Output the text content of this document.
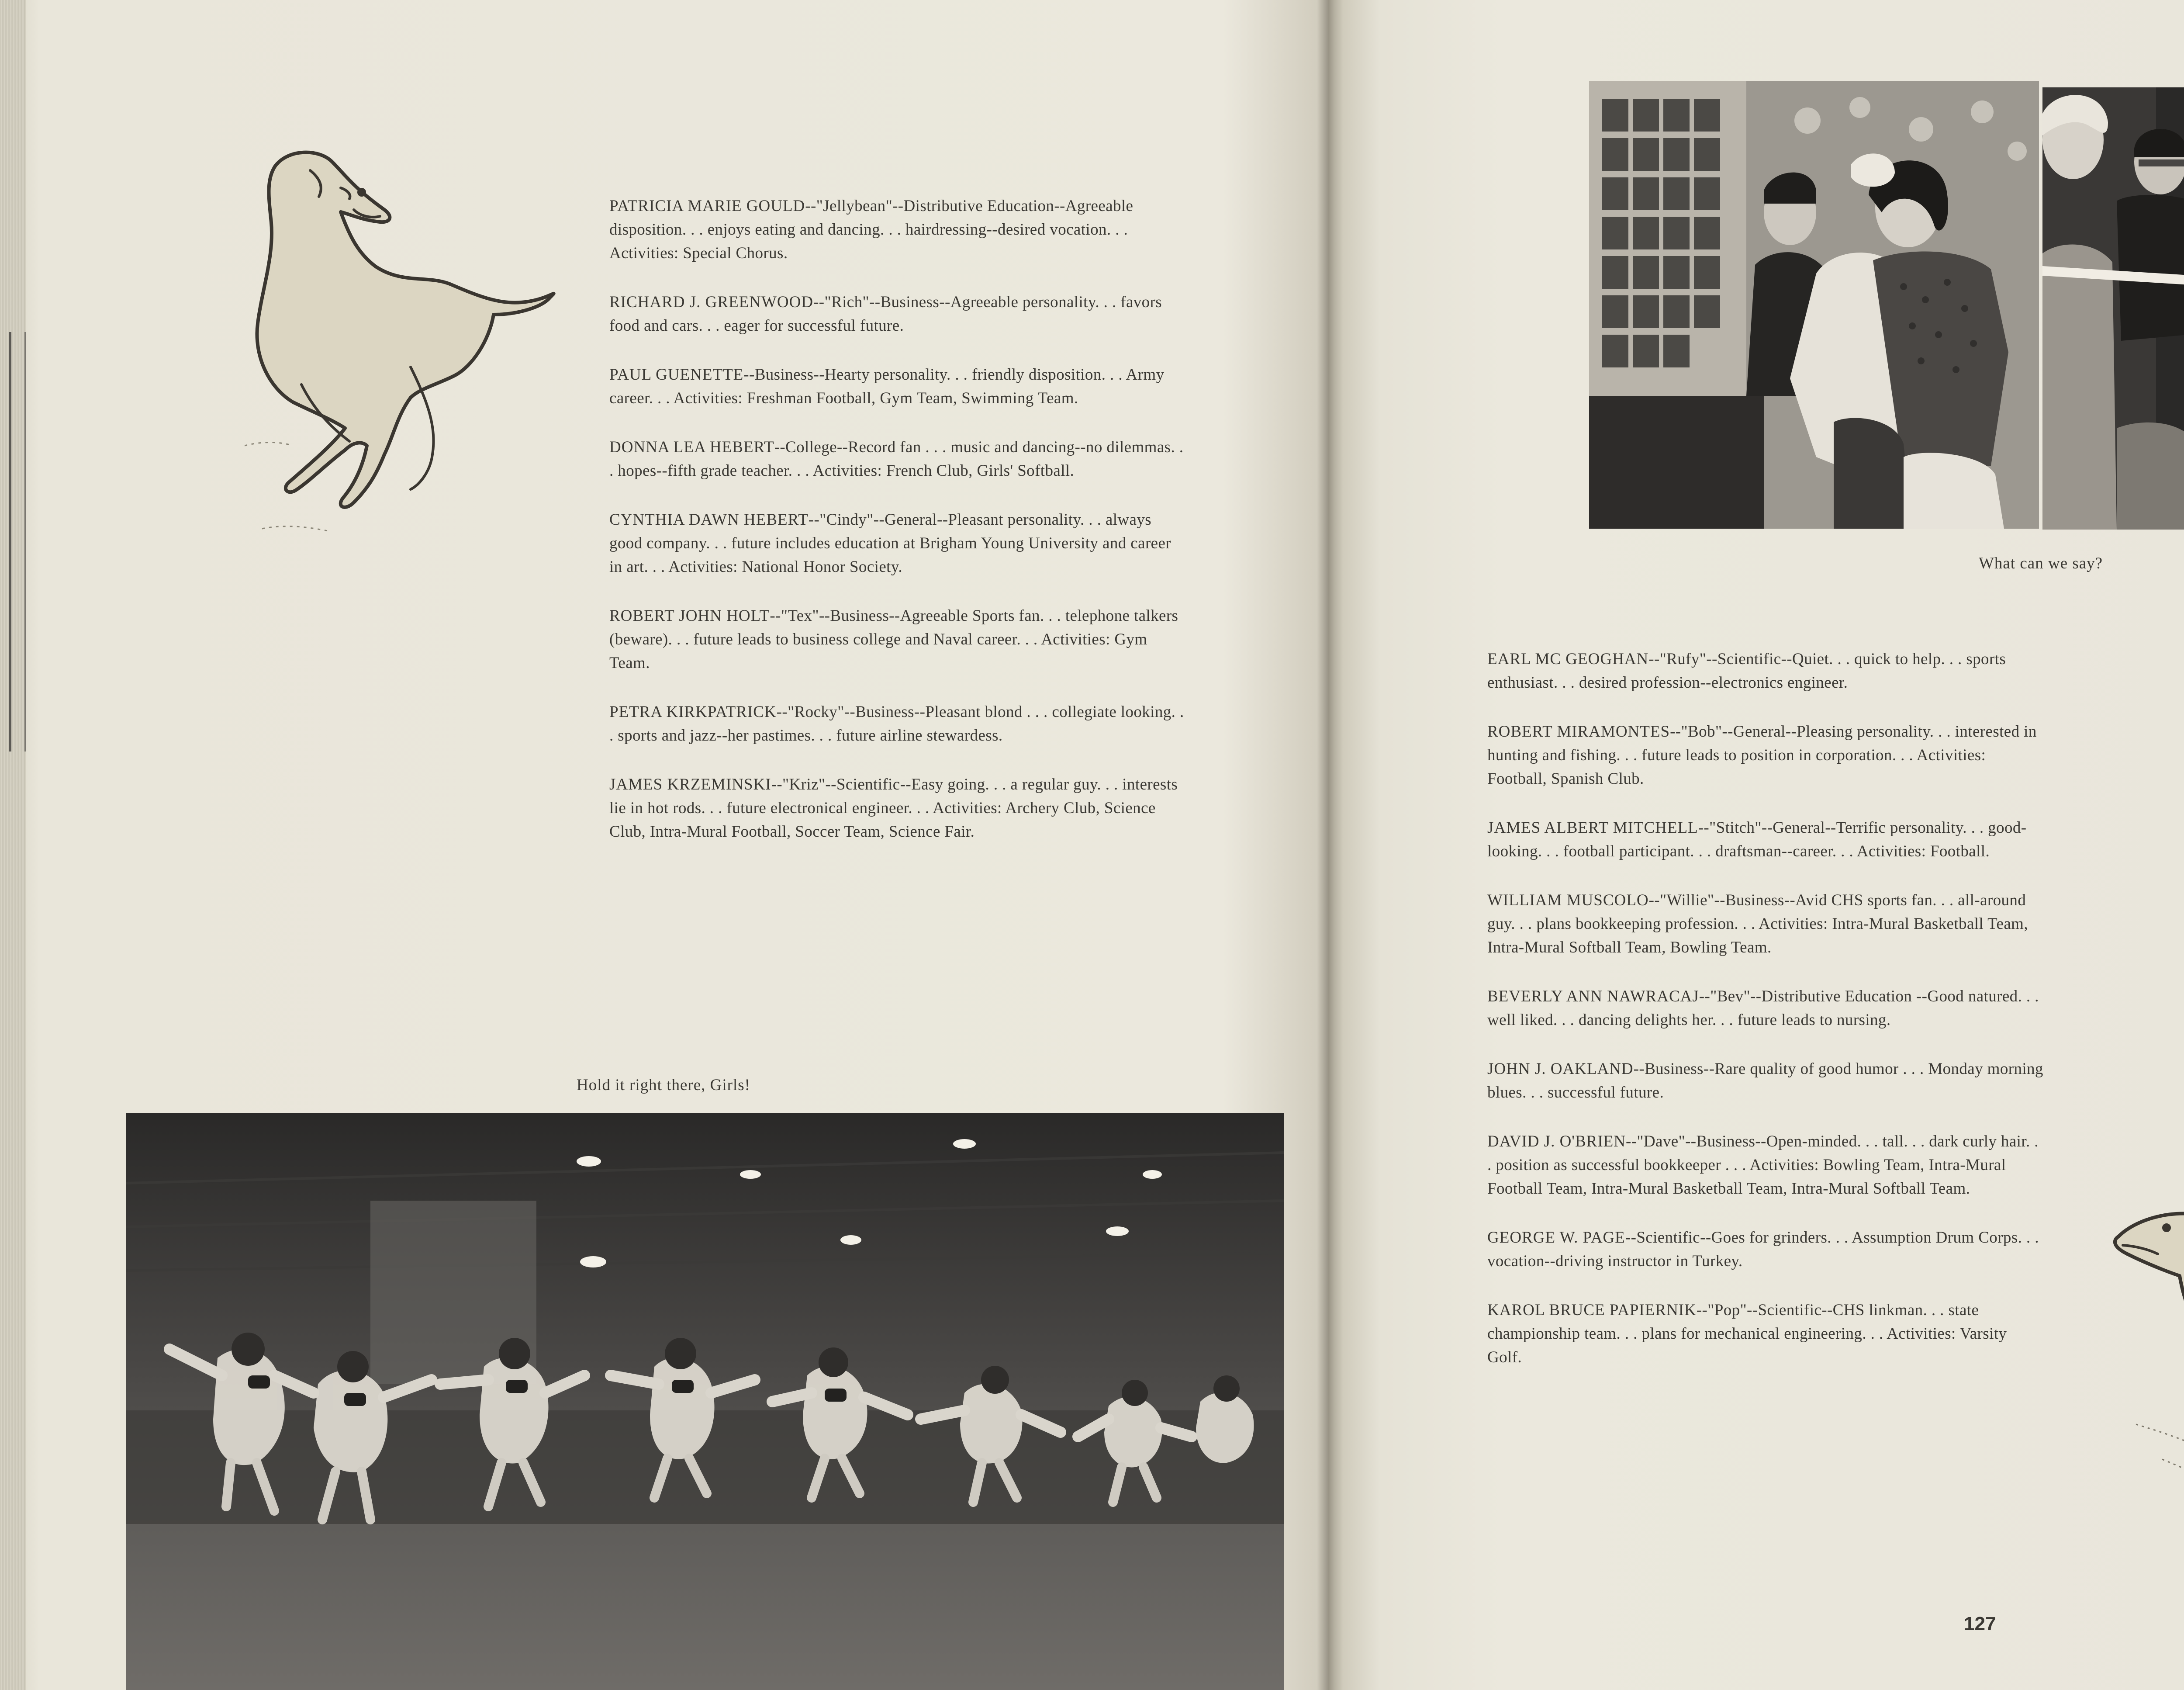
PATRICIA MARIE GOULD--"Jellybean"--Distributive Education--Agreeable disposition. . . enjoys eating and dancing. . . hairdressing--desired vocation. . . Activities: Special Chorus.

RICHARD J. GREENWOOD--"Rich"--Business--Agreeable personality. . . favors food and cars. . . eager for successful future.

PAUL GUENETTE--Business--Hearty personality. . . friendly disposition. . . Army career. . . Activities: Freshman Football, Gym Team, Swimming Team.

DONNA LEA HEBERT--College--Record fan . . . music and dancing--no dilemmas. . . hopes--fifth grade teacher. . . Activities: French Club, Girls' Softball.

CYNTHIA DAWN HEBERT--"Cindy"--General--Pleasant personality. . . always good company. . . future includes education at Brigham Young University and career in art. . . Activities: National Honor Society.

ROBERT JOHN HOLT--"Tex"--Business--Agreeable Sports fan. . . telephone talkers (beware). . . future leads to business college and Naval career. . . Activities: Gym Team.

PETRA KIRKPATRICK--"Rocky"--Business--Pleasant blond . . . collegiate looking. . . sports and jazz--her pastimes. . . future airline stewardess.

JAMES KRZEMINSKI--"Kriz"--Scientific--Easy going. . . a regular guy. . . interests lie in hot rods. . . future electronical engineer. . . Activities: Archery Club, Science Club, Intra-Mural Football, Soccer Team, Science Fair.

Hold it right there, Girls!
What can we say?

EARL MC GEOGHAN--"Rufy"--Scientific--Quiet. . . quick to help. . . sports enthusiast. . . desired profession--electronics engineer.

ROBERT MIRAMONTES--"Bob"--General--Pleasing personality. . . interested in hunting and fishing. . . future leads to position in corporation. . . Activities: Football, Spanish Club.

JAMES ALBERT MITCHELL--"Stitch"--General--Terrific personality. . . good-looking. . . football participant. . . draftsman--career. . . Activities: Football.

WILLIAM MUSCOLO--"Willie"--Business--Avid CHS sports fan. . . all-around guy. . . plans bookkeeping profession. . . Activities: Intra-Mural Basketball Team, Intra-Mural Softball Team, Bowling Team.

BEVERLY ANN NAWRACAJ--"Bev"--Distributive Education --Good natured. . . well liked. . . dancing delights her. . . future leads to nursing.

JOHN J. OAKLAND--Business--Rare quality of good humor . . . Monday morning blues. . . successful future.

DAVID J. O'BRIEN--"Dave"--Business--Open-minded. . . tall. . . dark curly hair. . . position as successful bookkeeper . . . Activities: Bowling Team, Intra-Mural Football Team, Intra-Mural Basketball Team, Intra-Mural Softball Team.

GEORGE W. PAGE--Scientific--Goes for grinders. . . Assumption Drum Corps. . . vocation--driving instructor in Turkey.

KAROL BRUCE PAPIERNIK--"Pop"--Scientific--CHS linkman. . . state championship team. . . plans for mechanical engineering. . . Activities: Varsity Golf.

127
